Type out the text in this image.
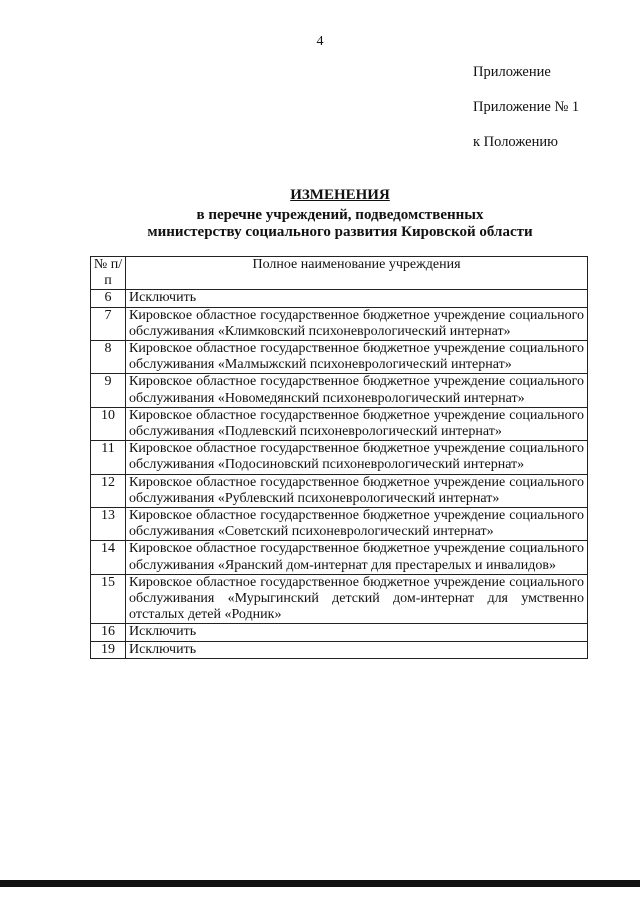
4
Приложение
Приложение № 1
к Положению
ИЗМЕНЕНИЯ
в перечне учреждений, подведомственных
министерству социального развития Кировской области
№ п/п	Полное наименование учреждения
6	Исключить
7	Кировское областное государственное бюджетное учреждение социального обслуживания «Климковский психоневрологический интернат»
8	Кировское областное государственное бюджетное учреждение социального обслуживания «Малмыжский психоневрологический интернат»
9	Кировское областное государственное бюджетное учреждение социального обслуживания «Новомедянский психоневрологический интернат»
10	Кировское областное государственное бюджетное учреждение социального обслуживания «Подлевский психоневрологический интернат»
11	Кировское областное государственное бюджетное учреждение социального обслуживания «Подосиновский психоневрологический интернат»
12	Кировское областное государственное бюджетное учреждение социального обслуживания «Рублевский психоневрологический интернат»
13	Кировское областное государственное бюджетное учреждение социального обслуживания «Советский психоневрологический интернат»
14	Кировское областное государственное бюджетное учреждение социального обслуживания «Яранский дом-интернат для престарелых и инвалидов»
15	Кировское областное государственное бюджетное учреждение социального обслуживания «Мурыгинский детский дом-интернат для умственно отсталых детей «Родник»
16	Исключить
19	Исключить
